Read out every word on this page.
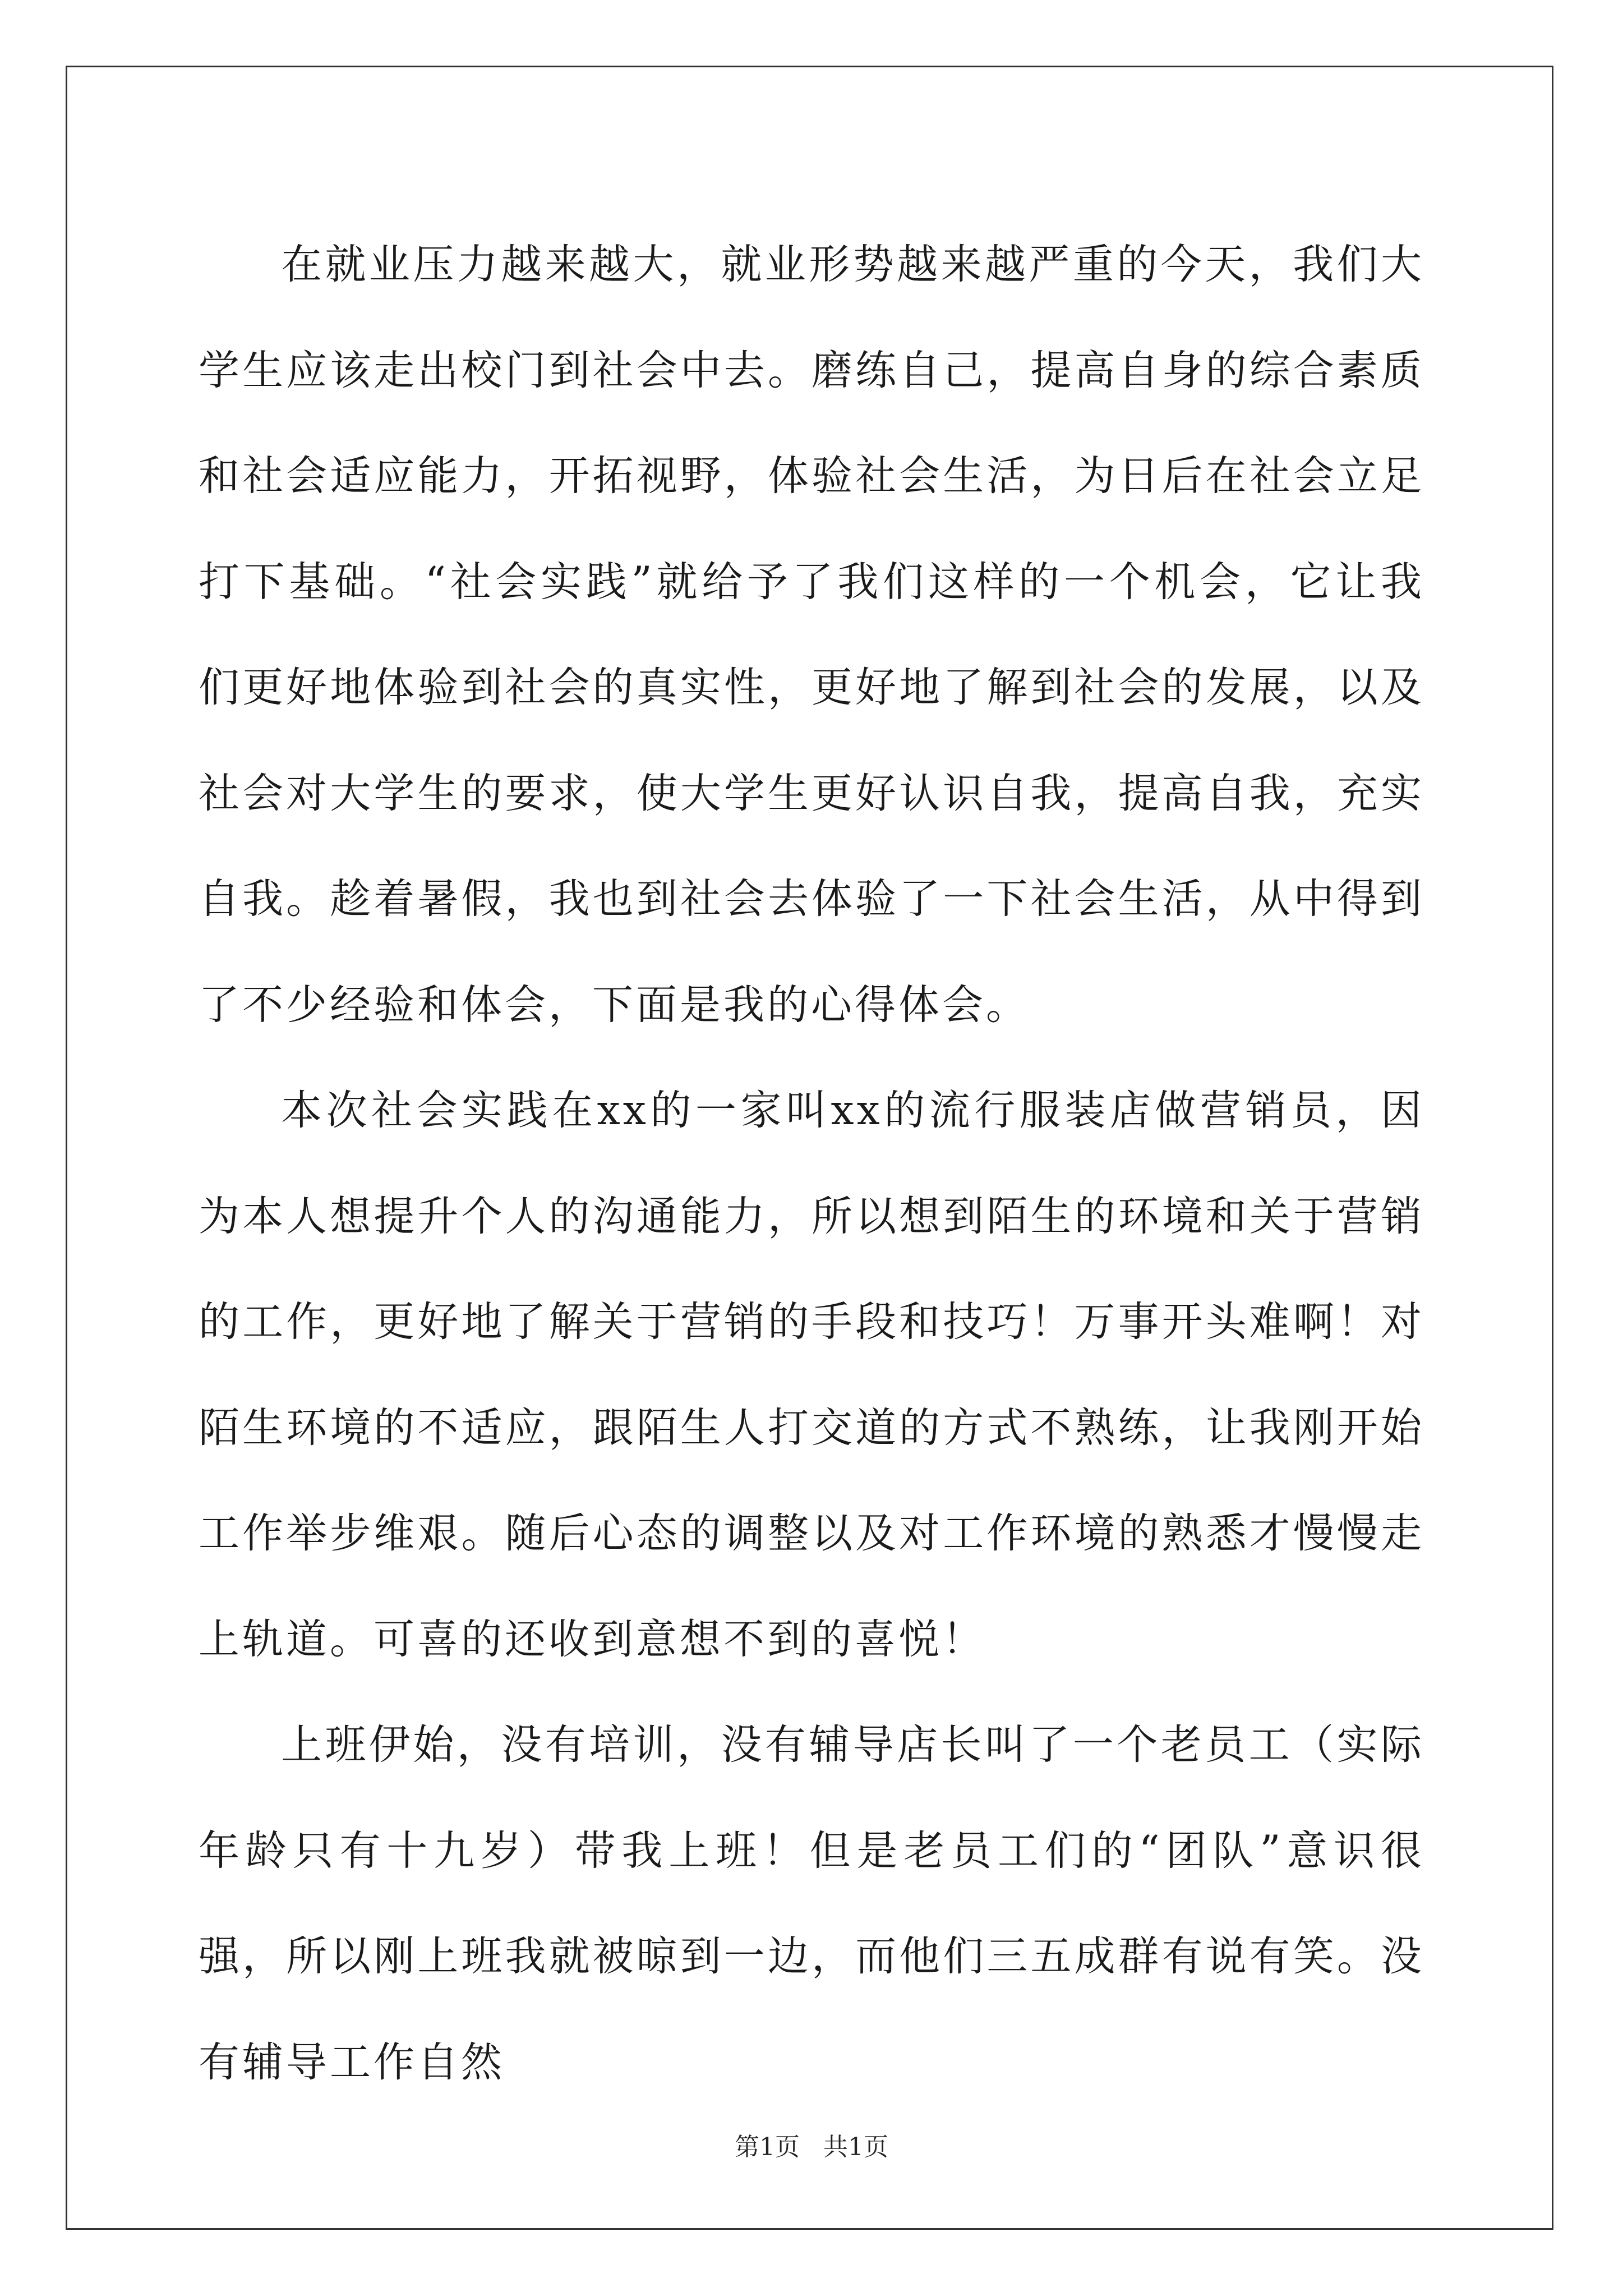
在就业压力越来越大，就业形势越来越严重的今天，我们大学生应该走出校门到社会中去。磨练自己，提高自身的综合素质和社会适应能力，开拓视野，体验社会生活，为日后在社会立足打下基础。“社会实践”就给予了我们这样的一个机会，它让我们更好地体验到社会的真实性，更好地了解到社会的发展，以及社会对大学生的要求，使大学生更好认识自我，提高自我，充实自我。趁着暑假，我也到社会去体验了一下社会生活，从中得到了不少经验和体会，下面是我的心得体会。

本次社会实践在xx的一家叫xx的流行服装店做营销员，因为本人想提升个人的沟通能力，所以想到陌生的环境和关于营销的工作，更好地了解关于营销的手段和技巧！万事开头难啊！对陌生环境的不适应，跟陌生人打交道的方式不熟练，让我刚开始工作举步维艰。随后心态的调整以及对工作环境的熟悉才慢慢走上轨道。可喜的还收到意想不到的喜悦！

上班伊始，没有培训，没有辅导店长叫了一个老员工（实际年龄只有十九岁）带我上班！但是老员工们的“团队”意识很强，所以刚上班我就被晾到一边，而他们三五成群有说有笑。没有辅导工作自然

第1页   共1页
